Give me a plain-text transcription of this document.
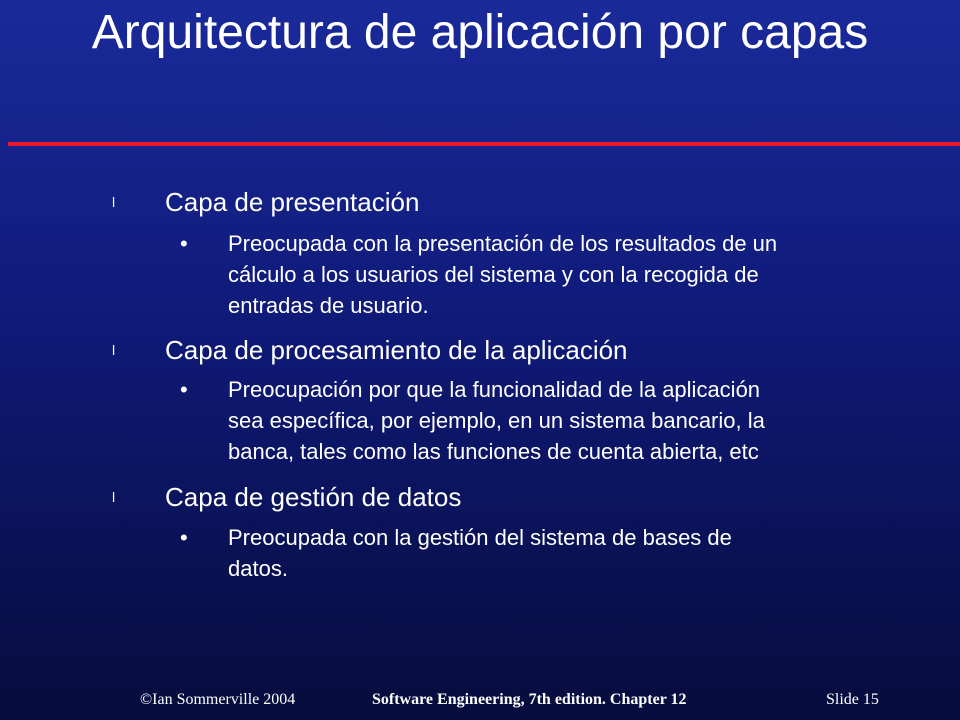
Arquitectura de aplicación por capas
l Capa de presentación
• Preocupada con la presentación de los resultados de un
cálculo a los usuarios del sistema y con la recogida de
entradas de usuario.
l Capa de procesamiento de la aplicación
• Preocupación por que la funcionalidad de la aplicación
sea específica, por ejemplo, en un sistema bancario, la
banca, tales como las funciones de cuenta abierta, etc
l Capa de gestión de datos
• Preocupada con la gestión del sistema de bases de
datos.
©Ian Sommerville 2004	Software Engineering, 7th edition. Chapter 12	Slide 15
